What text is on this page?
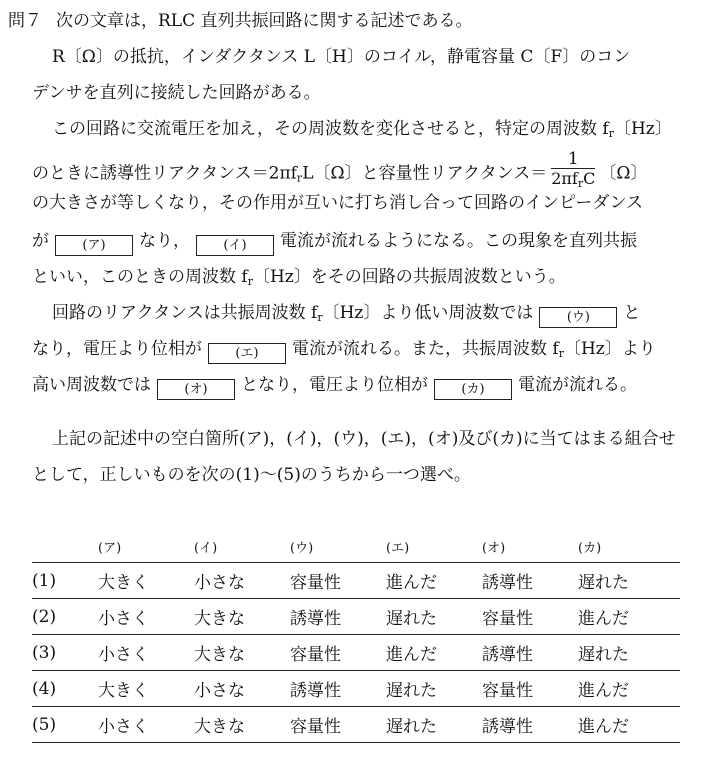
問７ 次の文章は，RLC 直列共振回路に関する記述である。
R〔Ω〕の抵抗，インダクタンス L〔H〕のコイル，静電容量 C〔F〕のコン
デンサを直列に接続した回路がある。
この回路に交流電圧を加え，その周波数を変化させると，特定の周波数 $f_r$〔Hz〕
のときに誘導性リアクタンス$=2\pi f_rL$〔Ω〕と容量性リアクタンス＝ $\frac{1}{2\pi f_rC}$ 〔Ω〕
の大きさが等しくなり，その作用が互いに打ち消し合って回路のインピーダンス
が	(ア) なり，	(イ) 電流が流れるようになる。この現象を直列共振
といい，このときの周波数 $f_r$〔Hz〕をその回路の共振周波数という。
回路のリアクタンスは共振周波数 $f_r$〔Hz〕より低い周波数では	(ウ) と
なり，電圧より位相が	(エ) 電流が流れる。また，共振周波数 $f_r$〔Hz〕より
高い周波数では	(オ) となり，電圧より位相が	(カ) 電流が流れる。
上記の記述中の空白箇所(ア)，(イ)，(ウ)，(エ)，(オ)及び(カ)に当てはまる組合せ
として，正しいものを次の(1)～(5)のうちから一つ選べ。
	(ア)	(イ)	(ウ)	(エ)	(オ)	(カ)
(1)	大きく	小さな	容量性	進んだ	誘導性	遅れた
(2)	小さく	大きな	誘導性	遅れた	容量性	進んだ
(3)	小さく	大きな	容量性	進んだ	誘導性	遅れた
(4)	大きく	小さな	誘導性	遅れた	容量性	進んだ
(5)	小さく	大きな	容量性	遅れた	誘導性	進んだ
